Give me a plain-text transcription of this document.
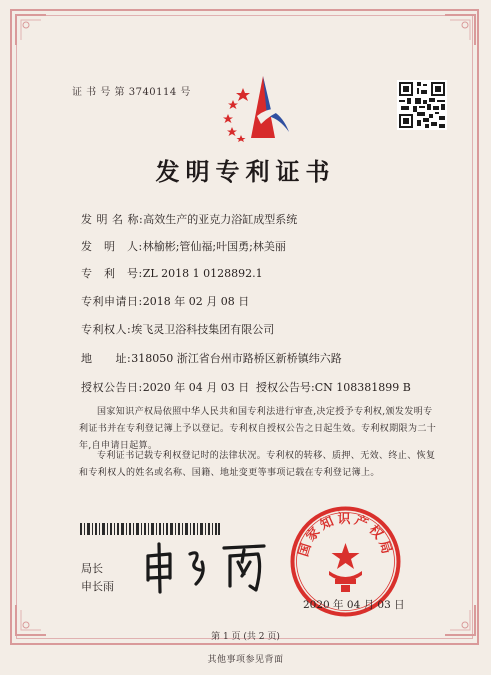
证 书 号 第 3740114 号
发明专利证书
发 明 名 称:高效生产的亚克力浴缸成型系统
发　明　人:林榆彬;管仙福;叶国勇;林美丽
专　利　号:ZL 2018 1 0128892.1
专利申请日:2018 年 02 月 08 日
专利权人:埃飞灵卫浴科技集团有限公司
地　　址:318050 浙江省台州市路桥区新桥镇纬六路
授权公告日:2020 年 04 月 03 日 授权公告号:CN 108381899 B
国家知识产权局依照中华人民共和国专利法进行审查,决定授予专利权,颁发发明专利证书并在专利登记簿上予以登记。专利权自授权公告之日起生效。专利权期限为二十年,自申请日起算。
专利证书记载专利权登记时的法律状况。专利权的转移、质押、无效、终止、恢复和专利权人的姓名或名称、国籍、地址变更等事项记载在专利登记簿上。
局长
申长雨
国家知识产权局
2020 年 04 月 03 日
第 1 页 (共 2 页)
其他事项参见背面
